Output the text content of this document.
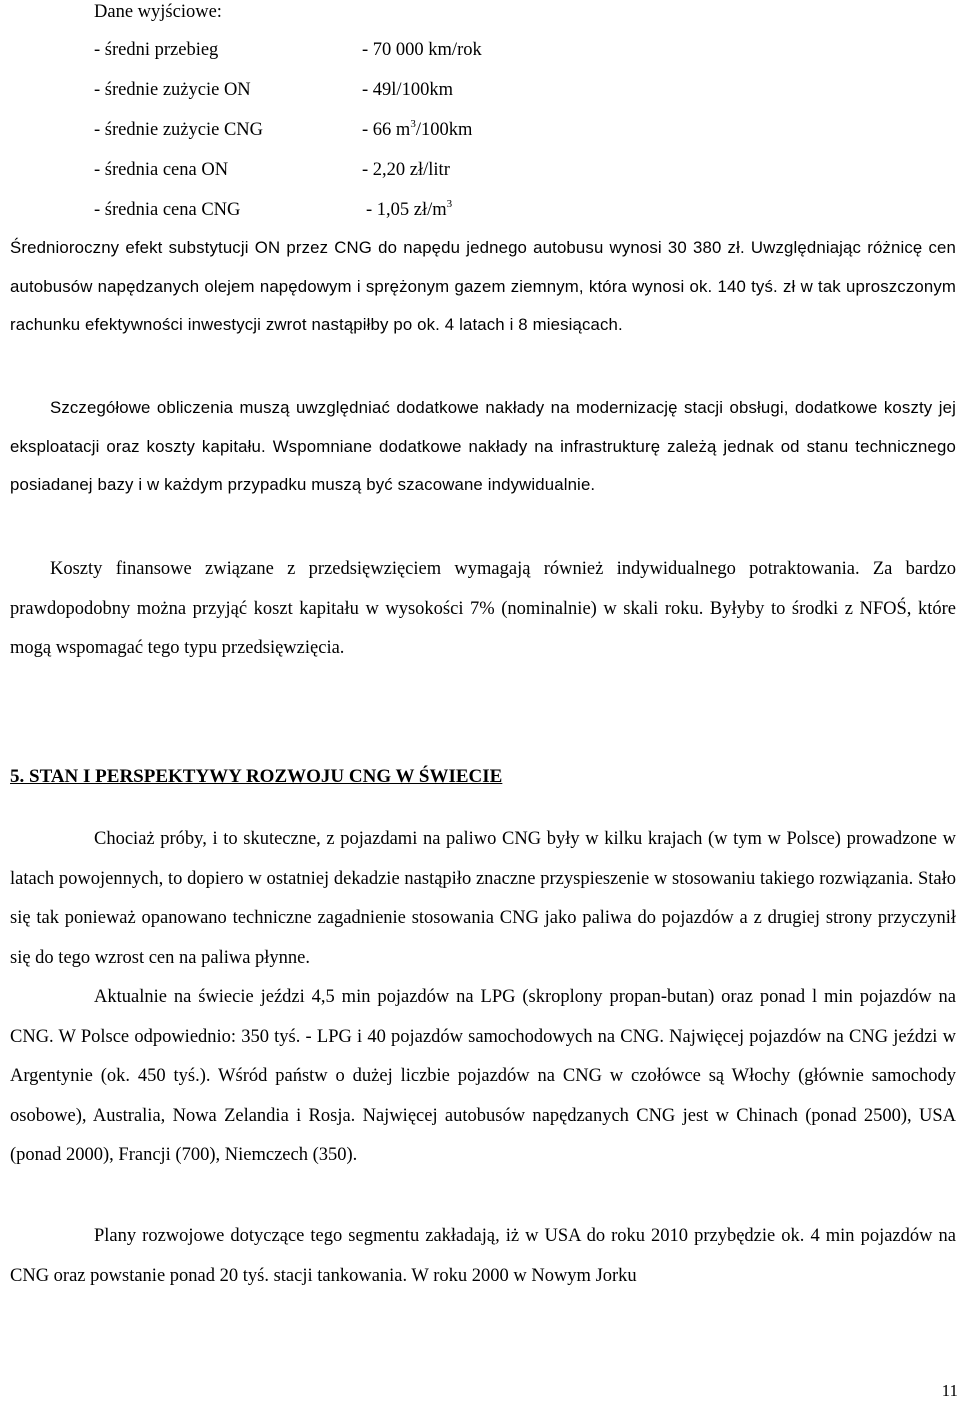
Dane wyjściowe:
- średni przebieg	- 70 000 km/rok
- średnie zużycie ON	- 49l/100km
- średnie zużycie CNG	- 66 $m^3/100km$
- średnia cena ON	- 2,20 zł/litr
- średnia cena CNG	- 1,05 $zł/m^3$

Średnioroczny efekt substytucji ON przez CNG do napędu jednego autobusu wynosi 30 380 zł. Uwzględniając różnicę cen autobusów napędzanych olejem napędowym i sprężonym gazem ziemnym, która wynosi ok. 140 tyś. zł w tak uproszczonym rachunku efektywności inwestycji zwrot nastąpiłby po ok. 4 latach i 8 miesiącach.

Szczegółowe obliczenia muszą uwzględniać dodatkowe nakłady na modernizację stacji obsługi, dodatkowe koszty jej eksploatacji oraz koszty kapitału. Wspomniane dodatkowe nakłady na infrastrukturę zależą jednak od stanu technicznego posiadanej bazy i w każdym przypadku muszą być szacowane indywidualnie.

Koszty finansowe związane z przedsięwzięciem wymagają również indywidualnego potraktowania. Za bardzo prawdopodobny można przyjąć koszt kapitału w wysokości 7% (nominalnie) w skali roku. Byłyby to środki z NFOŚ, które mogą wspomagać tego typu przedsięwzięcia.

5. STAN I PERSPEKTYWY ROZWOJU CNG W ŚWIECIE

Chociaż próby, i to skuteczne, z pojazdami na paliwo CNG były w kilku krajach (w tym w Polsce) prowadzone w latach powojennych, to dopiero w ostatniej dekadzie nastąpiło znaczne przyspieszenie w stosowaniu takiego rozwiązania. Stało się tak ponieważ opanowano techniczne zagadnienie stosowania CNG jako paliwa do pojazdów a z drugiej strony przyczynił się do tego wzrost cen na paliwa płynne.

Aktualnie na świecie jeździ 4,5 min pojazdów na LPG (skroplony propan-butan) oraz ponad l min pojazdów na CNG. W Polsce odpowiednio: 350 tyś. - LPG i 40 pojazdów samochodowych na CNG. Najwięcej pojazdów na CNG jeździ w Argentynie (ok. 450 tyś.). Wśród państw o dużej liczbie pojazdów na CNG w czołówce są Włochy (głównie samochody osobowe), Australia, Nowa Zelandia i Rosja. Najwięcej autobusów napędzanych CNG jest w Chinach (ponad 2500), USA (ponad 2000), Francji (700), Niemczech (350).

Plany rozwojowe dotyczące tego segmentu zakładają, iż w USA do roku 2010 przybędzie ok. 4 min pojazdów na CNG oraz powstanie ponad 20 tyś. stacji tankowania. W roku 2000 w Nowym Jorku

11
